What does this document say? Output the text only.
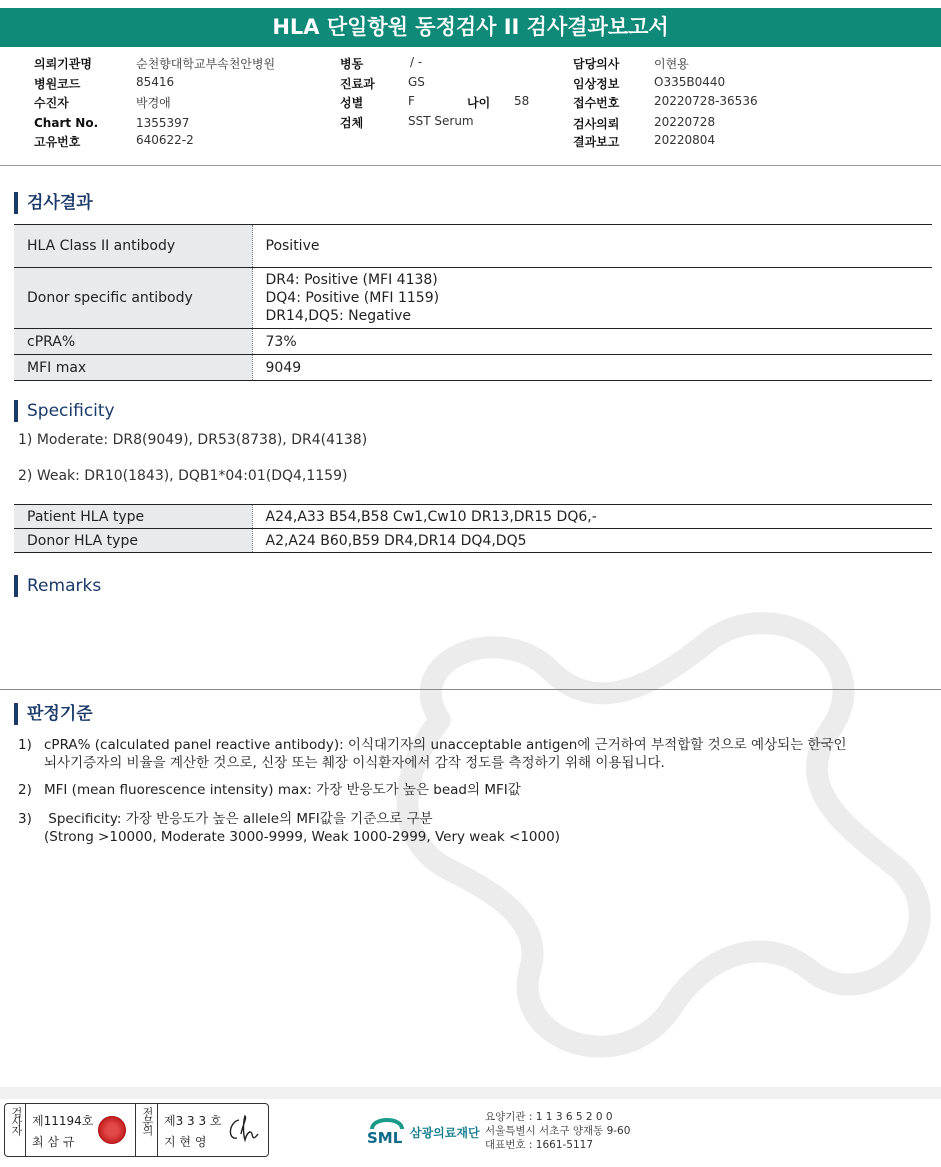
HLA 단일항원 동정검사 II 검사결과보고서
의뢰기관명	순천향대학교부속천안병원
병원코드	85416
수진자	박경애
Chart No.	1355397
고유번호	640622-2
병동	/ -
진료과	GS
성별	F	나이 58
검체	SST Serum
담당의사	이현용
임상정보	O335B0440
접수번호	20220728-36536
검사의뢰	20220728
결과보고	20220804
검사결과
HLA Class II antibody	Positive
Donor specific antibody	DR4: Positive (MFI 4138)
DQ4: Positive (MFI 1159)
DR14,DQ5: Negative

cPRA%	73%
MFI max	9049
Specificity
1) Moderate: DR8(9049), DR53(8738), DR4(4138)
2) Weak: DR10(1843), DQB1*04:01(DQ4,1159)
Patient HLA type	A24,A33 B54,B58 Cw1,Cw10 DR13,DR15 DQ6,-
Donor HLA type	A2,A24 B60,B59 DR4,DR14 DQ4,DQ5
Remarks
판정기준
1) cPRA% (calculated panel reactive antibody): 이식대기자의 unacceptable antigen에 근거하여 부적합할 것으로 예상되는 한국인
뇌사기증자의 비율을 계산한 것으로, 신장 또는 췌장 이식환자에서 감작 정도를 측정하기 위해 이용됩니다.
2) MFI (mean fluorescence intensity) max: 가장 반응도가 높은 bead의 MFI값
3) Specificity: 가장 반응도가 높은 allele의 MFI값을 기준으로 구분
(Strong >10000, Moderate 3000-9999, Weak 1000-2999, Very weak <1000)
검사자 제11194호
최 삼 규
전문의 제3 3 3 호
지 현 영	SML 삼광의료재단
요양기관 : 1 1 3 6 5 2 0 0
서울특별시 서초구 양재동 9-60
대표번호 : 1661-5117
